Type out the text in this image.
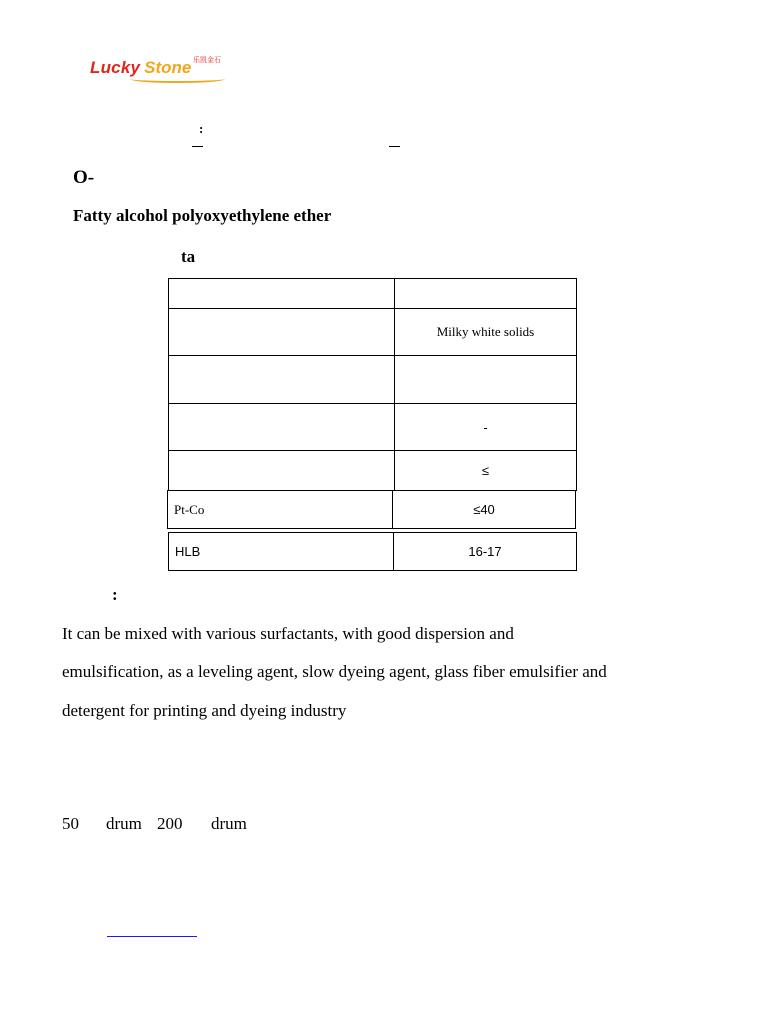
Lucky Stone 乐凯金石
:
O-
Fatty alcohol polyoxyethylene ether
ta

	Milky white solids

	-
	≤
Pt-Co	≤40
HLB	16-17
:
It can be mixed with various surfactants, with good dispersion and
emulsification, as a leveling agent, slow dyeing agent, glass fiber emulsifier and
detergent for printing and dyeing industry
50 drum 200 drum
